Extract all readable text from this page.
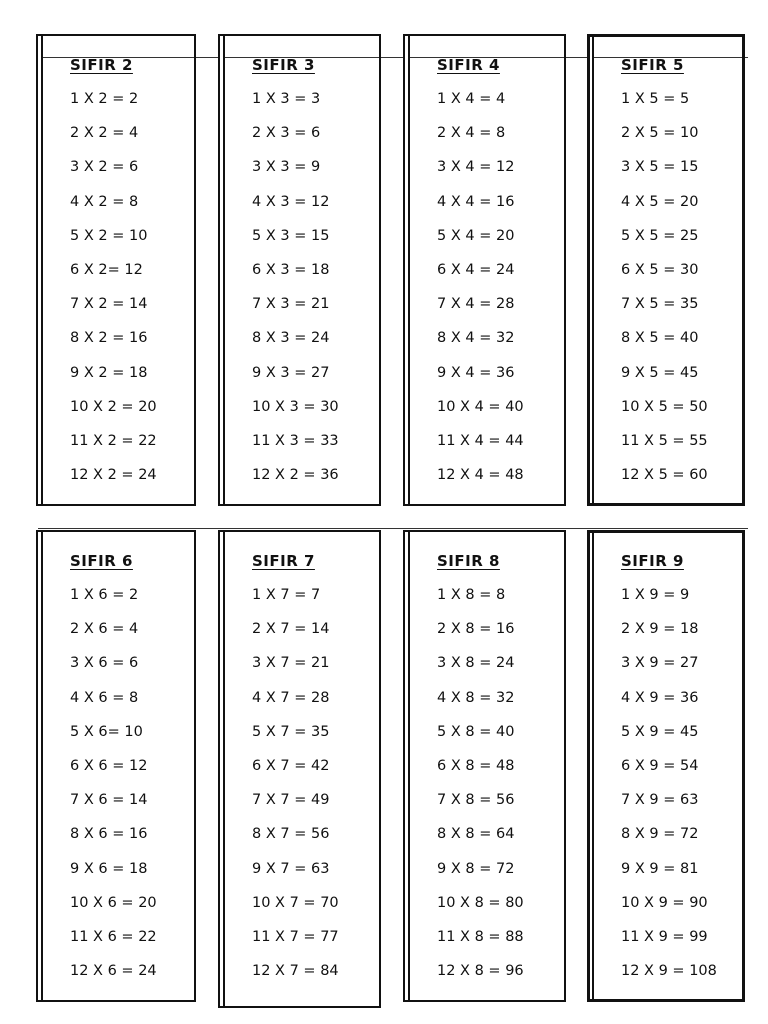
SIFIR 2
1 X 2 = 2
2 X 2 = 4
3 X 2 = 6
4 X 2 = 8
5 X 2 = 10
6 X 2= 12
7 X 2 = 14
8 X 2 = 16
9 X 2 = 18
10 X 2 = 20
11 X 2 = 22
12 X 2 = 24
SIFIR 3
1 X 3 = 3
2 X 3 = 6
3 X 3 = 9
4 X 3 = 12
5 X 3 = 15
6 X 3 = 18
7 X 3 = 21
8 X 3 = 24
9 X 3 = 27
10 X 3 = 30
11 X 3 = 33
12 X 2 = 36
SIFIR 4
1 X 4 = 4
2 X 4 = 8
3 X 4 = 12
4 X 4 = 16
5 X 4 = 20
6 X 4 = 24
7 X 4 = 28
8 X 4 = 32
9 X 4 = 36
10 X 4 = 40
11 X 4 = 44
12 X 4 = 48
SIFIR 5
1 X 5 = 5
2 X 5 = 10
3 X 5 = 15
4 X 5 = 20
5 X 5 = 25
6 X 5 = 30
7 X 5 = 35
8 X 5 = 40
9 X 5 = 45
10 X 5 = 50
11 X 5 = 55
12 X 5 = 60
SIFIR 6
1 X 6 = 2
2 X 6 = 4
3 X 6 = 6
4 X 6 = 8
5 X 6= 10
6 X 6 = 12
7 X 6 = 14
8 X 6 = 16
9 X 6 = 18
10 X 6 = 20
11 X 6 = 22
12 X 6 = 24
SIFIR 7
1 X 7 = 7
2 X 7 = 14
3 X 7 = 21
4 X 7 = 28
5 X 7 = 35
6 X 7 = 42
7 X 7 = 49
8 X 7 = 56
9 X 7 = 63
10 X 7 = 70
11 X 7 = 77
12 X 7 = 84
SIFIR 8
1 X 8 = 8
2 X 8 = 16
3 X 8 = 24
4 X 8 = 32
5 X 8 = 40
6 X 8 = 48
7 X 8 = 56
8 X 8 = 64
9 X 8 = 72
10 X 8 = 80
11 X 8 = 88
12 X 8 = 96
SIFIR 9
1 X 9 = 9
2 X 9 = 18
3 X 9 = 27
4 X 9 = 36
5 X 9 = 45
6 X 9 = 54
7 X 9 = 63
8 X 9 = 72
9 X 9 = 81
10 X 9 = 90
11 X 9 = 99
12 X 9 = 108
